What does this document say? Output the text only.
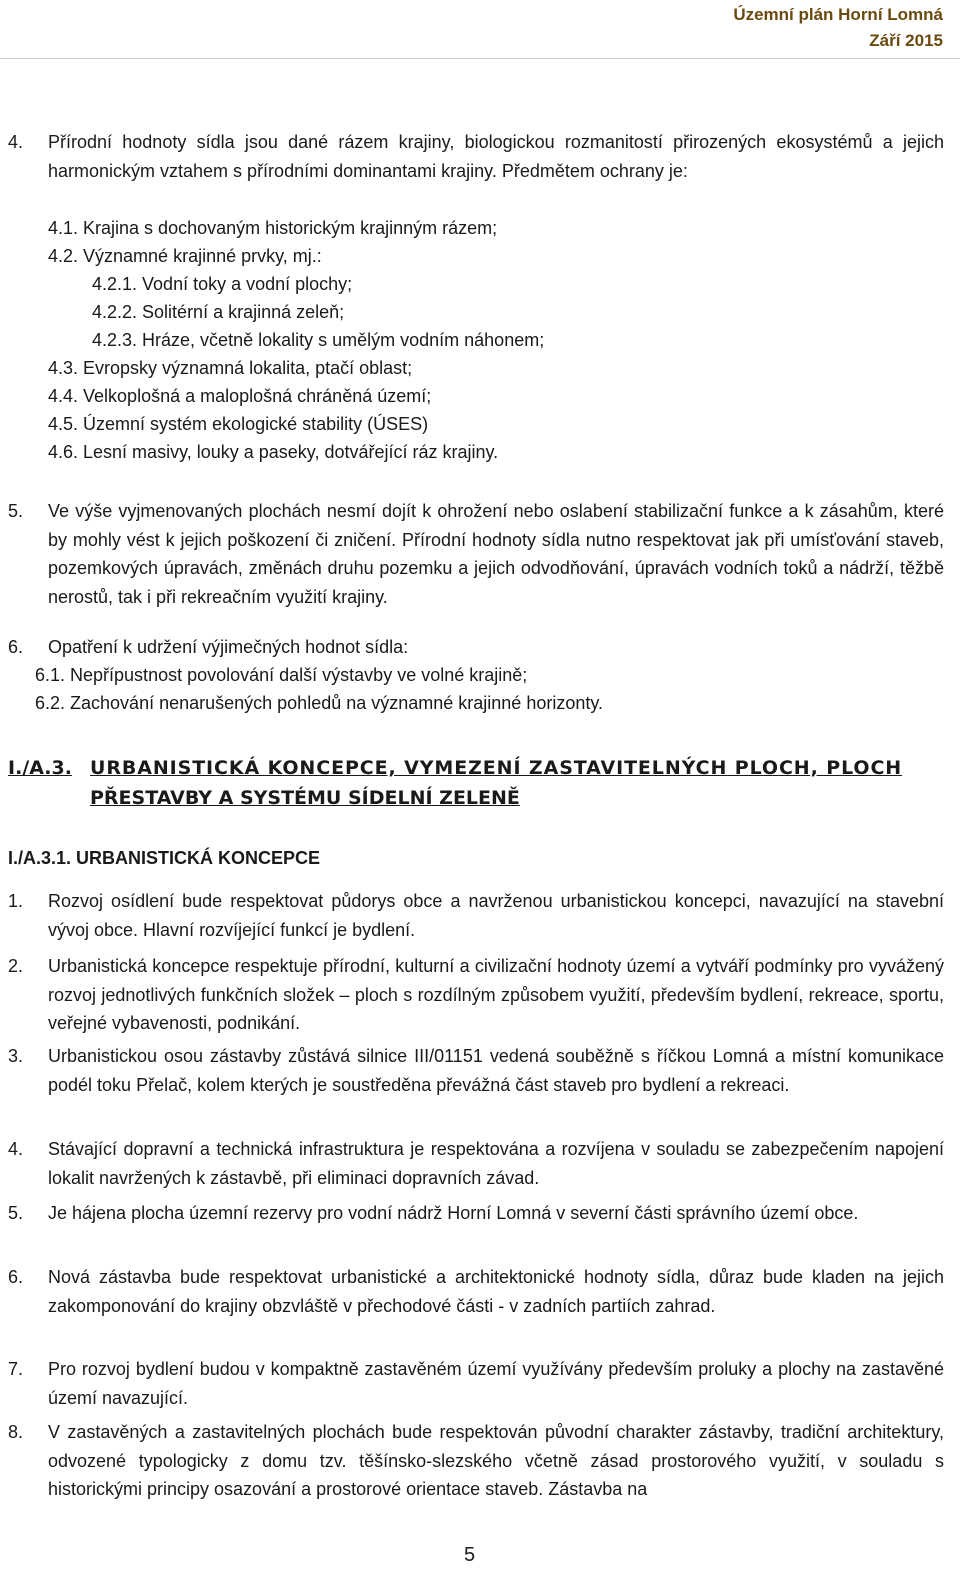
Územní plán Horní Lomná
Září 2015
4. Přírodní hodnoty sídla jsou dané rázem krajiny, biologickou rozmanitostí přirozených ekosystémů a jejich harmonickým vztahem s přírodními dominantami krajiny. Předmětem ochrany je:
4.1. Krajina s dochovaným historickým krajinným rázem;
4.2. Významné krajinné prvky, mj.:
4.2.1. Vodní toky a vodní plochy;
4.2.2. Solitérní a krajinná zeleň;
4.2.3. Hráze, včetně lokality s umělým vodním náhonem;
4.3. Evropsky významná lokalita, ptačí oblast;
4.4. Velkoplošná a maloplošná chráněná území;
4.5. Územní systém ekologické stability (ÚSES)
4.6. Lesní masivy, louky a paseky, dotvářející ráz krajiny.
5. Ve výše vyjmenovaných plochách nesmí dojít k ohrožení nebo oslabení stabilizační funkce a k zásahům, které by mohly vést k jejich poškození či zničení. Přírodní hodnoty sídla nutno respektovat jak při umísťování staveb, pozemkových úpravách, změnách druhu pozemku a jejich odvodňování, úpravách vodních toků a nádrží, těžbě nerostů, tak i při rekreačním využití krajiny.
6. Opatření k udržení výjimečných hodnot sídla:
6.1. Nepřípustnost povolování další výstavby ve volné krajině;
6.2. Zachování nenarušených pohledů na významné krajinné horizonty.
I./A.3. URBANISTICKÁ KONCEPCE, VYMEZENÍ ZASTAVITELNÝCH PLOCH, PLOCH
PŘESTAVBY A SYSTÉMU SÍDELNÍ ZELENĚ
I./A.3.1. URBANISTICKÁ KONCEPCE
1. Rozvoj osídlení bude respektovat půdorys obce a navrženou urbanistickou koncepci, navazující na stavební vývoj obce. Hlavní rozvíjející funkcí je bydlení.
2. Urbanistická koncepce respektuje přírodní, kulturní a civilizační hodnoty území a vytváří podmínky pro vyvážený rozvoj jednotlivých funkčních složek – ploch s rozdílným způsobem využití, především bydlení, rekreace, sportu, veřejné vybavenosti, podnikání.
3. Urbanistickou osou zástavby zůstává silnice III/01151 vedená souběžně s říčkou Lomná a místní komunikace podél toku Přelač, kolem kterých je soustředěna převážná část staveb pro bydlení a rekreaci.
4. Stávající dopravní a technická infrastruktura je respektována a rozvíjena v souladu se zabezpečením napojení lokalit navržených k zástavbě, při eliminaci dopravních závad.
5. Je hájena plocha územní rezervy pro vodní nádrž Horní Lomná v severní části správního území obce.
6. Nová zástavba bude respektovat urbanistické a architektonické hodnoty sídla, důraz bude kladen na jejich zakomponování do krajiny obzvláště v přechodové části - v zadních partiích zahrad.
7. Pro rozvoj bydlení budou v kompaktně zastavěném území využívány především proluky a plochy na zastavěné území navazující.
8. V zastavěných a zastavitelných plochách bude respektován původní charakter zástavby, tradiční architektury, odvozené typologicky z domu tzv. těšínsko-slezského včetně zásad prostorového využití, v souladu s historickými principy osazování a prostorové orientace staveb. Zástavba na
5
